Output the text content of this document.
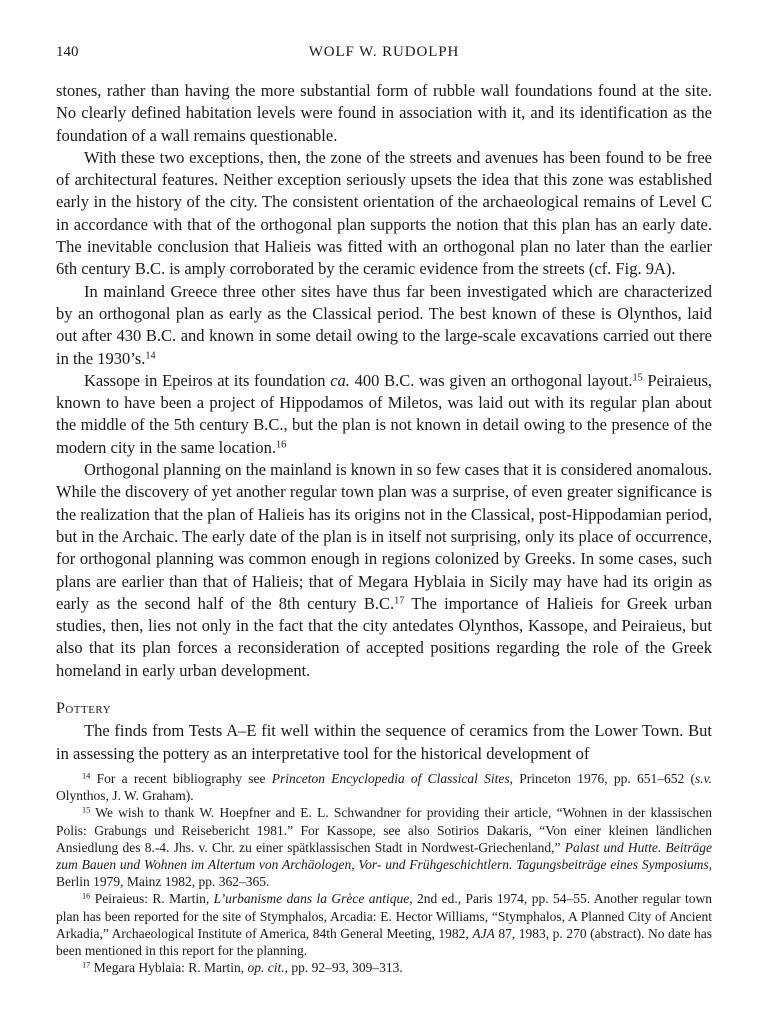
140	WOLF W. RUDOLPH

stones, rather than having the more substantial form of rubble wall foundations found at the site. No clearly defined habitation levels were found in association with it, and its identification as the foundation of a wall remains questionable.

With these two exceptions, then, the zone of the streets and avenues has been found to be free of architectural features. Neither exception seriously upsets the idea that this zone was established early in the history of the city. The consistent orientation of the archaeological remains of Level C in accordance with that of the orthogonal plan supports the notion that this plan has an early date. The inevitable conclusion that Halieis was fitted with an orthogonal plan no later than the earlier 6th century B.C. is amply corroborated by the ceramic evidence from the streets (cf. Fig. 9A).

In mainland Greece three other sites have thus far been investigated which are characterized by an orthogonal plan as early as the Classical period. The best known of these is Olynthos, laid out after 430 B.C. and known in some detail owing to the large-scale excavations carried out there in the 1930’s.$^{14}$

Kassope in Epeiros at its foundation ca. 400 B.C. was given an orthogonal layout.$^{15}$ Peiraieus, known to have been a project of Hippodamos of Miletos, was laid out with its regular plan about the middle of the 5th century B.C., but the plan is not known in detail owing to the presence of the modern city in the same location.$^{16}$

Orthogonal planning on the mainland is known in so few cases that it is considered anomalous. While the discovery of yet another regular town plan was a surprise, of even greater significance is the realization that the plan of Halieis has its origins not in the Classical, post-Hippodamian period, but in the Archaic. The early date of the plan is in itself not surprising, only its place of occurrence, for orthogonal planning was common enough in regions colonized by Greeks. In some cases, such plans are earlier than that of Halieis; that of Megara Hyblaia in Sicily may have had its origin as early as the second half of the 8th century B.C.$^{17}$ The importance of Halieis for Greek urban studies, then, lies not only in the fact that the city antedates Olynthos, Kassope, and Peiraieus, but also that its plan forces a reconsideration of accepted positions regarding the role of the Greek homeland in early urban development.

Pottery

The finds from Tests A–E fit well within the sequence of ceramics from the Lower Town. But in assessing the pottery as an interpretative tool for the historical development of

$^{14}$ For a recent bibliography see Princeton Encyclopedia of Classical Sites, Princeton 1976, pp. 651–652 (s.v. Olynthos, J. W. Graham).

$^{15}$ We wish to thank W. Hoepfner and E. L. Schwandner for providing their article, “Wohnen in der klassischen Polis: Grabungs und Reisebericht 1981.” For Kassope, see also Sotirios Dakaris, “Von einer kleinen ländlichen Ansiedlung des 8.-4. Jhs. v. Chr. zu einer spätklassischen Stadt in Nordwest-Griechenland,” Palast und Hutte. Beiträge zum Bauen und Wohnen im Altertum von Archäologen, Vor- und Frühgeschichtlern. Tagungsbeiträge eines Symposiums, Berlin 1979, Mainz 1982, pp. 362–365.

$^{16}$ Peiraieus: R. Martin, L’urbanisme dans la Grèce antique, 2nd ed., Paris 1974, pp. 54–55. Another regular town plan has been reported for the site of Stymphalos, Arcadia: E. Hector Williams, “Stymphalos, A Planned City of Ancient Arkadia,” Archaeological Institute of America, 84th General Meeting, 1982, AJA 87, 1983, p. 270 (abstract). No date has been mentioned in this report for the planning.

$^{17}$ Megara Hyblaia: R. Martin, op. cit., pp. 92–93, 309–313.
